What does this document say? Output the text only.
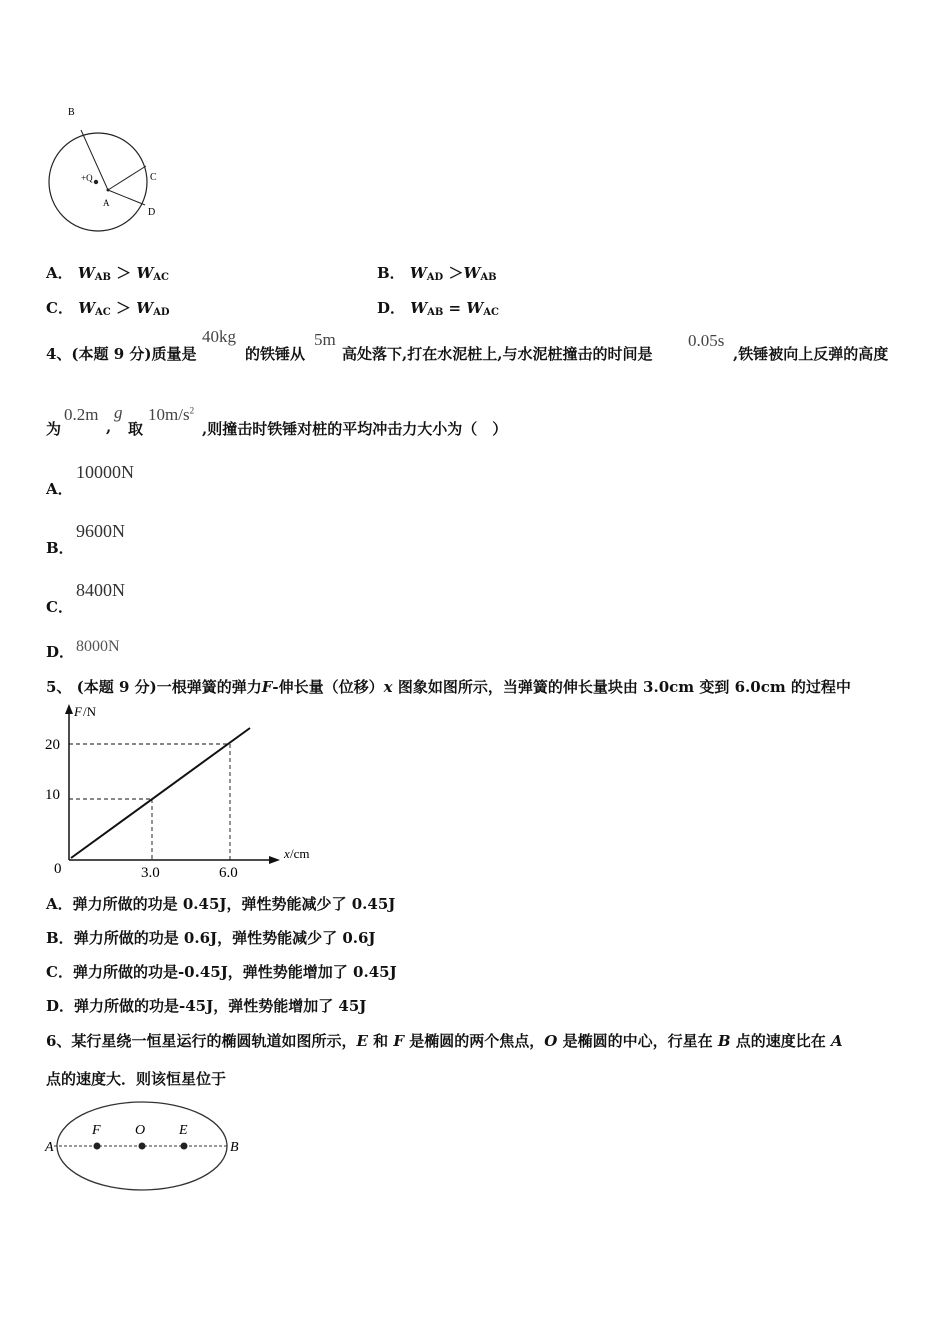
B
+Q
A
C
D
A． $W_{AB} > W_{AC}$	B． $W_{AD} >W_{AB}$
C． $W_{AC} > W_{AD}$	D． $W_{AB} = W_{AC}$
4、(本题 9 分)质量是
40kg
的铁锤从
5m
高处落下,打在水泥桩上,与水泥桩撞击的时间是
0.05s
,铁锤被向上反弹的高度
为
0.2m
,
g
取
$10m/s^2$
,则撞击时铁锤对桩的平均冲击力大小为（　）
A．
10000N
B．
9600N
C．
8400N
D． 8000N
5、 (本题 9 分)一根弹簧的弹力F-伸长量（位移）x 图象如图所示，当弹簧的伸长量块由 3.0cm 变到 6.0cm 的过程中
F /N
20
10
0	3.0	6.0
x /cm
A．弹力所做的功是 0.45J，弹性势能减少了 0.45J
B．弹力所做的功是 0.6J，弹性势能减少了 0.6J
C．弹力所做的功是-0.45J，弹性势能增加了 0.45J
D．弹力所做的功是-45J，弹性势能增加了 45J
6、某行星绕一恒星运行的椭圆轨道如图所示，E 和 F 是椭圆的两个焦点，O 是椭圆的中心，行星在 B 点的速度比在 A
点的速度大．则该恒星位于
A
F O E
B
